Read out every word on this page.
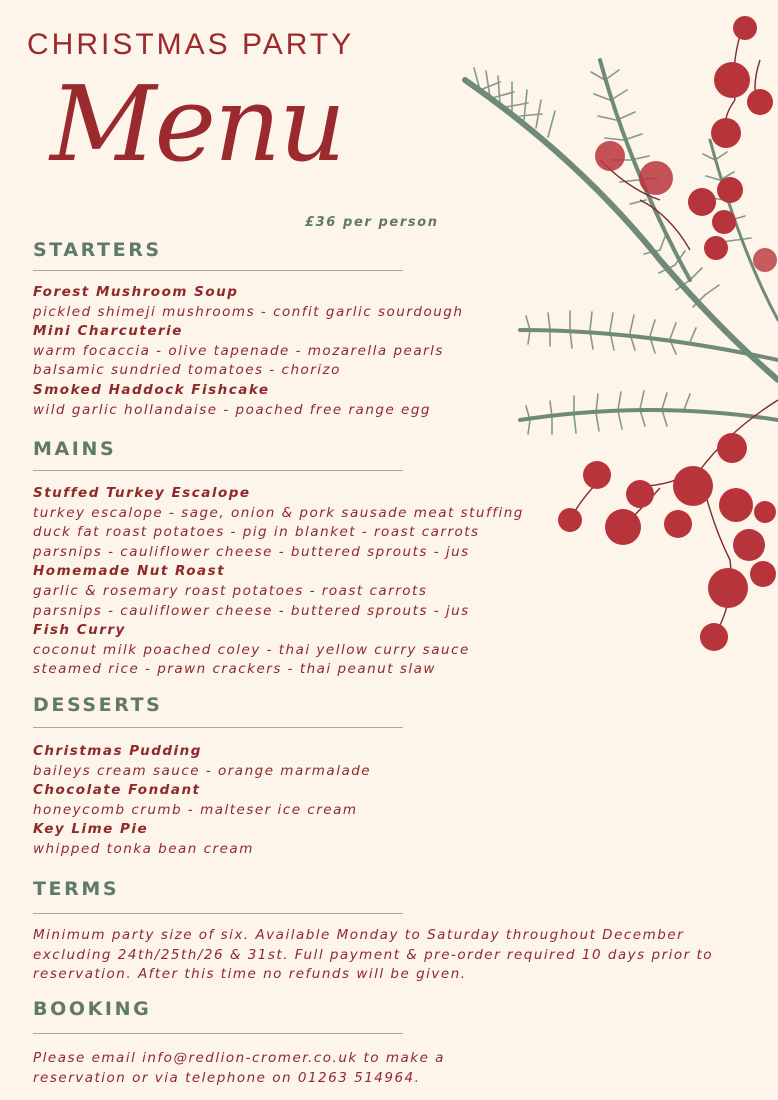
CHRISTMAS PARTY
Menu
£36 per person
STARTERS
Forest Mushroom Soup
pickled shimeji mushrooms - confit garlic sourdough
Mini Charcuterie
warm focaccia - olive tapenade - mozarella pearls
balsamic sundried tomatoes - chorizo
Smoked Haddock Fishcake
wild garlic hollandaise - poached free range egg
MAINS
Stuffed Turkey Escalope
turkey escalope - sage, onion & pork sausade meat stuffing
duck fat roast potatoes - pig in blanket - roast carrots
parsnips - cauliflower cheese - buttered sprouts - jus
Homemade Nut Roast
garlic & rosemary roast potatoes - roast carrots
parsnips - cauliflower cheese - buttered sprouts - jus
Fish Curry
coconut milk poached coley - thai yellow curry sauce
steamed rice - prawn crackers - thai peanut slaw
DESSERTS
Christmas Pudding
baileys cream sauce - orange marmalade
Chocolate Fondant
honeycomb crumb - malteser ice cream
Key Lime Pie
whipped tonka bean cream
TERMS
Minimum party size of six. Available Monday to Saturday throughout December
excluding 24th/25th/26 & 31st. Full payment & pre-order required 10 days prior to
reservation. After this time no refunds will be given.
BOOKING
Please email info@redlion-cromer.co.uk to make a
reservation or via telephone on 01263 514964.
